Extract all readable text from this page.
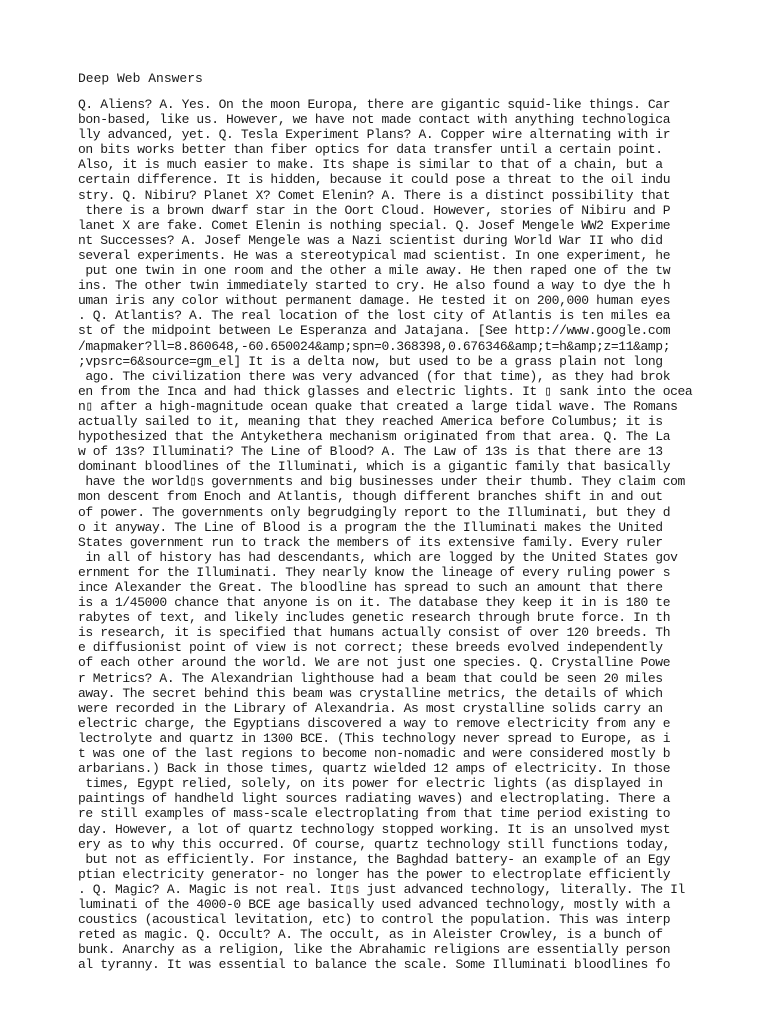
Deep Web Answers
Q. Aliens? A. Yes. On the moon Europa, there are gigantic squid-like things. Car
bon-based, like us. However, we have not made contact with anything technologica
lly advanced, yet. Q. Tesla Experiment Plans? A. Copper wire alternating with ir
on bits works better than fiber optics for data transfer until a certain point.
Also, it is much easier to make. Its shape is similar to that of a chain, but a
certain difference. It is hidden, because it could pose a threat to the oil indu
stry. Q. Nibiru? Planet X? Comet Elenin? A. There is a distinct possibility that
there is a brown dwarf star in the Oort Cloud. However, stories of Nibiru and P
lanet X are fake. Comet Elenin is nothing special. Q. Josef Mengele WW2 Experime
nt Successes? A. Josef Mengele was a Nazi scientist during World War II who did
several experiments. He was a stereotypical mad scientist. In one experiment, he
put one twin in one room and the other a mile away. He then raped one of the tw
ins. The other twin immediately started to cry. He also found a way to dye the h
uman iris any color without permanent damage. He tested it on 200,000 human eyes
. Q. Atlantis? A. The real location of the lost city of Atlantis is ten miles ea
st of the midpoint between Le Esperanza and Jatajana. [See http://www.google.com
/mapmaker?ll=8.860648,-60.650024&amp;spn=0.368398,0.676346&amp;t=h&amp;z=11&amp;
;vpsrc=6&source=gm_el] It is a delta now, but used to be a grass plain not long
ago. The civilization there was very advanced (for that time), as they had brok
en from the Inca and had thick glasses and electric lights. It ▯ sank into the ocea
n▯ after a high-magnitude ocean quake that created a large tidal wave. The Romans
actually sailed to it, meaning that they reached America before Columbus; it is
hypothesized that the Antykethera mechanism originated from that area. Q. The La
w of 13s? Illuminati? The Line of Blood? A. The Law of 13s is that there are 13
dominant bloodlines of the Illuminati, which is a gigantic family that basically
have the world▯s governments and big businesses under their thumb. They claim com
mon descent from Enoch and Atlantis, though different branches shift in and out
of power. The governments only begrudgingly report to the Illuminati, but they d
o it anyway. The Line of Blood is a program the the Illuminati makes the United
States government run to track the members of its extensive family. Every ruler
in all of history has had descendants, which are logged by the United States gov
ernment for the Illuminati. They nearly know the lineage of every ruling power s
ince Alexander the Great. The bloodline has spread to such an amount that there
is a 1/45000 chance that anyone is on it. The database they keep it in is 180 te
rabytes of text, and likely includes genetic research through brute force. In th
is research, it is specified that humans actually consist of over 120 breeds. Th
e diffusionist point of view is not correct; these breeds evolved independently
of each other around the world. We are not just one species. Q. Crystalline Powe
r Metrics? A. The Alexandrian lighthouse had a beam that could be seen 20 miles
away. The secret behind this beam was crystalline metrics, the details of which
were recorded in the Library of Alexandria. As most crystalline solids carry an
electric charge, the Egyptians discovered a way to remove electricity from any e
lectrolyte and quartz in 1300 BCE. (This technology never spread to Europe, as i
t was one of the last regions to become non-nomadic and were considered mostly b
arbarians.) Back in those times, quartz wielded 12 amps of electricity. In those
times, Egypt relied, solely, on its power for electric lights (as displayed in
paintings of handheld light sources radiating waves) and electroplating. There a
re still examples of mass-scale electroplating from that time period existing to
day. However, a lot of quartz technology stopped working. It is an unsolved myst
ery as to why this occurred. Of course, quartz technology still functions today,
but not as efficiently. For instance, the Baghdad battery- an example of an Egy
ptian electricity generator- no longer has the power to electroplate efficiently
. Q. Magic? A. Magic is not real. It▯s just advanced technology, literally. The Il
luminati of the 4000-0 BCE age basically used advanced technology, mostly with a
coustics (acoustical levitation, etc) to control the population. This was interp
reted as magic. Q. Occult? A. The occult, as in Aleister Crowley, is a bunch of
bunk. Anarchy as a religion, like the Abrahamic religions are essentially person
al tyranny. It was essential to balance the scale. Some Illuminati bloodlines fo
